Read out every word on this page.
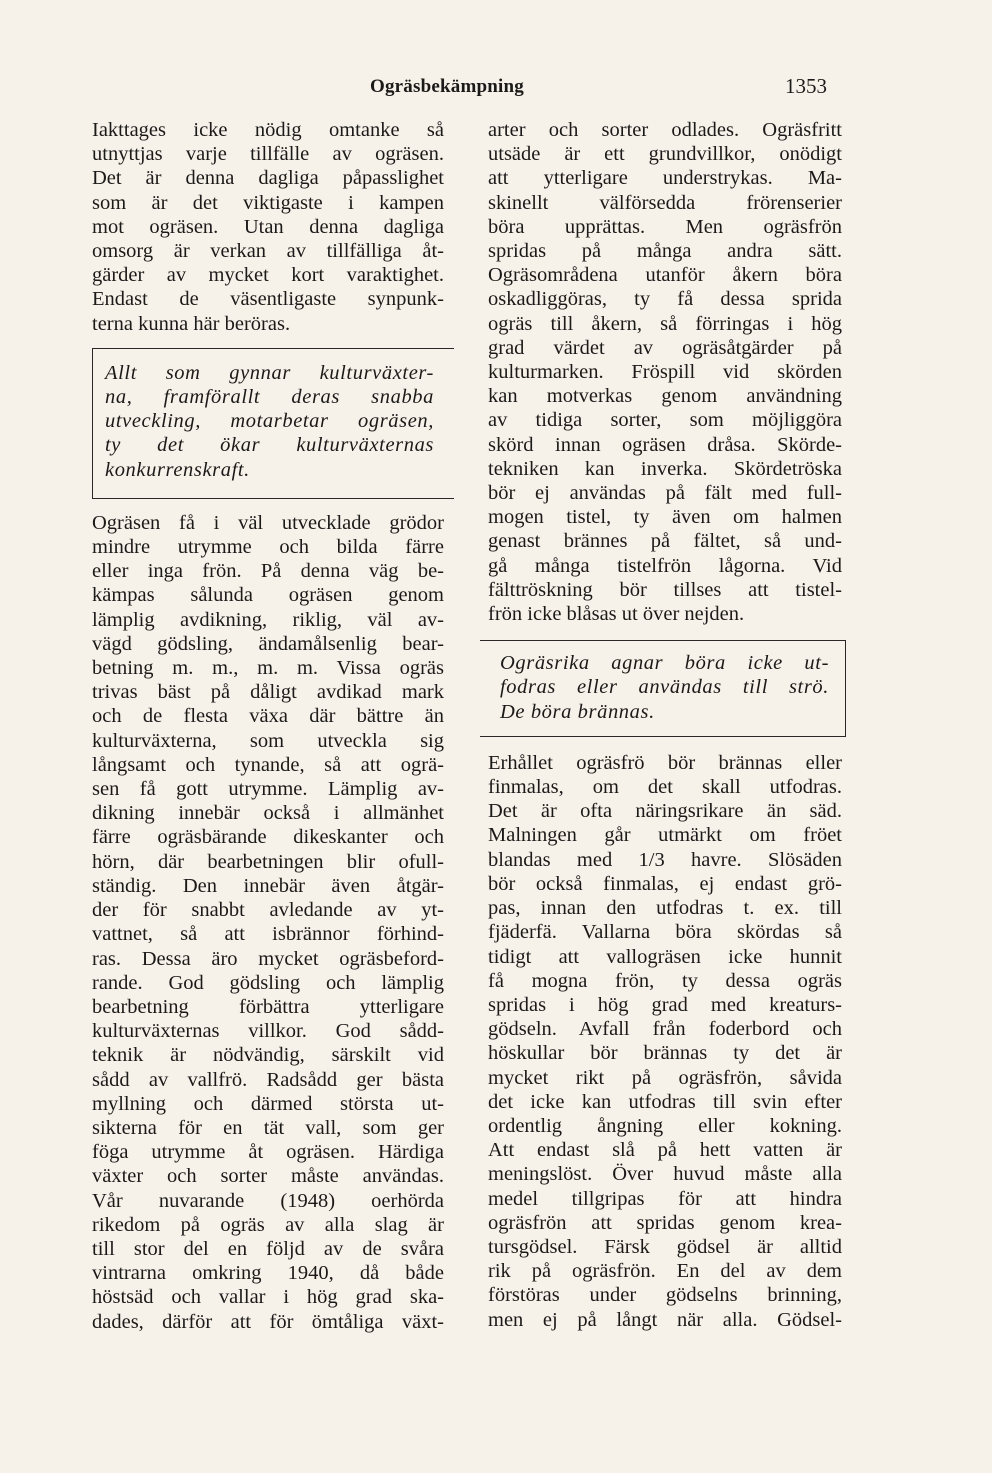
Ogräsbekämpning	1353
Iakttages icke nödig omtanke så
utnyttjas varje tillfälle av ogräsen.
Det är denna dagliga påpasslighet
som är det viktigaste i kampen
mot ogräsen. Utan denna dagliga
omsorg är verkan av tillfälliga åt-
gärder av mycket kort varaktighet.
Endast de väsentligaste synpunk-
terna kunna här beröras.
Allt som gynnar kulturväxter-
na, framförallt deras snabba
utveckling, motarbetar ogräsen,
ty det ökar kulturväxternas
konkurrenskraft.
Ogräsen få i väl utvecklade grödor
mindre utrymme och bilda färre
eller inga frön. På denna väg be-
kämpas sålunda ogräsen genom
lämplig avdikning, riklig, väl av-
vägd gödsling, ändamålsenlig bear-
betning m. m., m. m. Vissa ogräs
trivas bäst på dåligt avdikad mark
och de flesta växa där bättre än
kulturväxterna, som utveckla sig
långsamt och tynande, så att ogrä-
sen få gott utrymme. Lämplig av-
dikning innebär också i allmänhet
färre ogräsbärande dikeskanter och
hörn, där bearbetningen blir ofull-
ständig. Den innebär även åtgär-
der för snabbt avledande av yt-
vattnet, så att isbrännor förhind-
ras. Dessa äro mycket ogräsbeford-
rande. God gödsling och lämplig
bearbetning förbättra ytterligare
kulturväxternas villkor. God sådd-
teknik är nödvändig, särskilt vid
sådd av vallfrö. Radsådd ger bästa
myllning och därmed största ut-
sikterna för en tät vall, som ger
föga utrymme åt ogräsen. Härdiga
växter och sorter måste användas.
Vår nuvarande (1948) oerhörda
rikedom på ogräs av alla slag är
till stor del en följd av de svåra
vintrarna omkring 1940, då både
höstsäd och vallar i hög grad ska-
dades, därför att för ömtåliga växt-
arter och sorter odlades. Ogräsfritt
utsäde är ett grundvillkor, onödigt
att ytterligare understrykas. Ma-
skinellt välförsedda frörenserier
böra upprättas. Men ogräsfrön
spridas på många andra sätt.
Ogräsområdena utanför åkern böra
oskadliggöras, ty få dessa sprida
ogräs till åkern, så förringas i hög
grad värdet av ogräsåtgärder på
kulturmarken. Fröspill vid skörden
kan motverkas genom användning
av tidiga sorter, som möjliggöra
skörd innan ogräsen dråsa. Skörde-
tekniken kan inverka. Skördetröska
bör ej användas på fält med full-
mogen tistel, ty även om halmen
genast brännes på fältet, så und-
gå många tistelfrön lågorna. Vid
fälttröskning bör tillses att tistel-
frön icke blåsas ut över nejden.
Ogräsrika agnar böra icke ut-
fodras eller användas till strö.
De böra brännas.
Erhållet ogräsfrö bör brännas eller
finmalas, om det skall utfodras.
Det är ofta näringsrikare än säd.
Malningen går utmärkt om fröet
blandas med 1/3 havre. Slösäden
bör också finmalas, ej endast grö-
pas, innan den utfodras t. ex. till
fjäderfä. Vallarna böra skördas så
tidigt att vallogräsen icke hunnit
få mogna frön, ty dessa ogräs
spridas i hög grad med kreaturs-
gödseln. Avfall från foderbord och
höskullar bör brännas ty det är
mycket rikt på ogräsfrön, såvida
det icke kan utfodras till svin efter
ordentlig ångning eller kokning.
Att endast slå på hett vatten är
meningslöst. Över huvud måste alla
medel tillgripas för att hindra
ogräsfrön att spridas genom krea-
tursgödsel. Färsk gödsel är alltid
rik på ogräsfrön. En del av dem
förstöras under gödselns brinning,
men ej på långt när alla. Gödsel-
